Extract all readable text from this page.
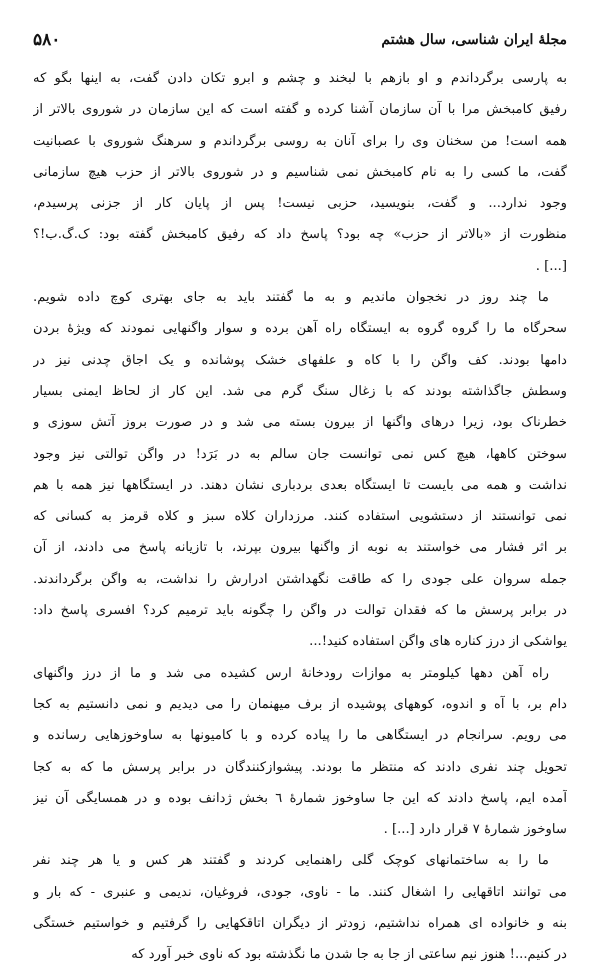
مجلهٔ ایران شناسی، سال هشتم
۵۸۰
به پارسی برگرداندم و او بازهم با لبخند و چشم و ابرو تکان دادن گفت، به اینها بگو که
رفیق کامبخش مرا با آن سازمان آشنا کرده و گفته است که این سازمان در شوروی بالاتر از
همه است! من سخنان وی را برای آنان به روسی برگرداندم و سرهنگ شوروی با عصبانیت
گفت، ما کسی را به نام کامبخش نمی شناسیم و در شوروی بالاتر از حزب هیچ سازمانی
وجود ندارد... و گفت، بنویسید، حزبی نیست! پس از پایان کار از جزنی پرسیدم،
منظورت از «بالاتر از حزب» چه بود؟ پاسخ داد که رفیق کامبخش گفته بود: ک.گ.ب!؟
[...] .
ما چند روز در نخجوان ماندیم و به ما گفتند باید به جای بهتری کوچ داده شویم.
سحرگاه ما را گروه گروه به ایستگاه راه آهن برده و سوار واگنهایی نمودند که ویژهٔ بردن
دامها بودند. کف واگن را با کاه و علفهای خشک پوشانده و یک اجاق چدنی نیز در
وسطش جاگذاشته بودند که با زغال سنگ گرم می شد. این کار از لحاظ ایمنی بسیار
خطرناک بود، زیرا درهای واگنها از بیرون بسته می شد و در صورت بروز آتش سوزی و
سوختن کاهها، هیچ کس نمی توانست جان سالم به در بَرَد! در واگن توالتی نیز وجود
نداشت و همه می بایست تا ایستگاه بعدی بردباری نشان دهند. در ایستگاهها نیز همه با هم
نمی توانستند از دستشویی استفاده کنند. مرزداران کلاه سبز و کلاه قرمز به کسانی که
بر اثر فشار می خواستند به نوبه از واگنها بیرون بپرند، با تازیانه پاسخ می دادند، از آن
جمله سروان علی جودی را که طاقت نگهداشتن ادرارش را نداشت، به واگن برگرداندند.
در برابر پرسش ما که فقدان توالت در واگن را چگونه باید ترمیم کرد؟ افسری پاسخ داد:
یواشکی از درز کناره های واگن استفاده کنید!...
راه آهن دهها کیلومتر به موازات رودخانهٔ ارس کشیده می شد و ما از درز واگنهای
دام بر، با آه و اندوه، کوههای پوشیده از برف میهنمان را می دیدیم و نمی دانستیم به کجا
می رویم. سرانجام در ایستگاهی ما را پیاده کرده و با کامیونها به ساوخوزهایی رسانده و
تحویل چند نفری دادند که منتظر ما بودند. پیشوازکنندگان در برابر پرسش ما که به کجا
آمده ایم، پاسخ دادند که این جا ساوخوز شمارهٔ ٦ بخش ژدانف بوده و در همسایگی آن نیز
ساوخوز شمارهٔ ٧ قرار دارد [...] .
ما را به ساختمانهای کوچک گلی راهنمایی کردند و گفتند هر کس و یا هر چند نفر
می توانند اتاقهایی را اشغال کنند. ما - ناوی، جودی، فروغیان، ندیمی و عنبری - که بار و
بنه و خانواده ای همراه نداشتیم، زودتر از دیگران اتاقکهایی را گرفتیم و خواستیم خستگی
در کنیم...! هنوز نیم ساعتی از جا به جا شدن ما نگذشته بود که ناوی خبر آورد که
